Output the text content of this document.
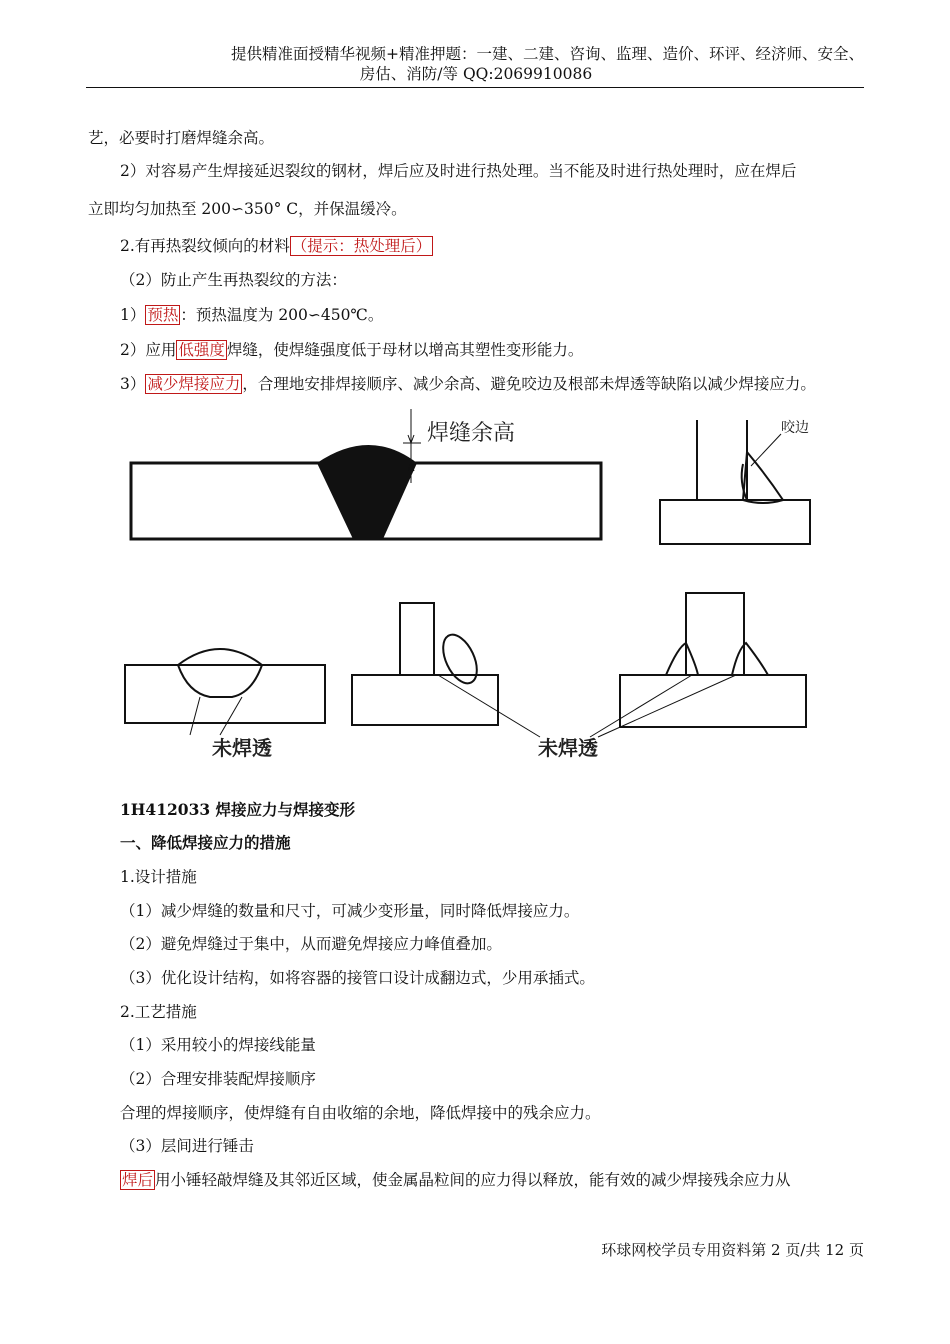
提供精准面授精华视频+精准押题：一建、二建、咨询、监理、造价、环评、经济师、安全、
房估、消防/等 QQ:2069910086
艺，必要时打磨焊缝余高。
2）对容易产生焊接延迟裂纹的钢材，焊后应及时进行热处理。当不能及时进行热处理时，应在焊后
立即均匀加热至 200∽350° C，并保温缓冷。
2.有再热裂纹倾向的材料 （提示：热处理后）
（2）防止产生再热裂纹的方法：
1） 预热 ：预热温度为 200∽450℃。
2）应用 低强度 焊缝，使焊缝强度低于母材以增高其塑性变形能力。
3） 减少焊接应力 ，合理地安排焊接顺序、减少余高、避免咬边及根部未焊透等缺陷以减少焊接应力。
焊缝余高	咬边
未焊透	未焊透
1H412033 焊接应力与焊接变形
一、降低焊接应力的措施
1.设计措施
（1）减少焊缝的数量和尺寸，可减少变形量，同时降低焊接应力。
（2）避免焊缝过于集中，从而避免焊接应力峰值叠加。
（3）优化设计结构，如将容器的接管口设计成翻边式，少用承插式。
2.工艺措施
（1）采用较小的焊接线能量
（2）合理安排装配焊接顺序
合理的焊接顺序，使焊缝有自由收缩的余地，降低焊接中的残余应力。
（3）层间进行锤击
焊后 用小锤轻敲焊缝及其邻近区域，使金属晶粒间的应力得以释放，能有效的减少焊接残余应力从
环球网校学员专用资料第 2 页/共 12 页
